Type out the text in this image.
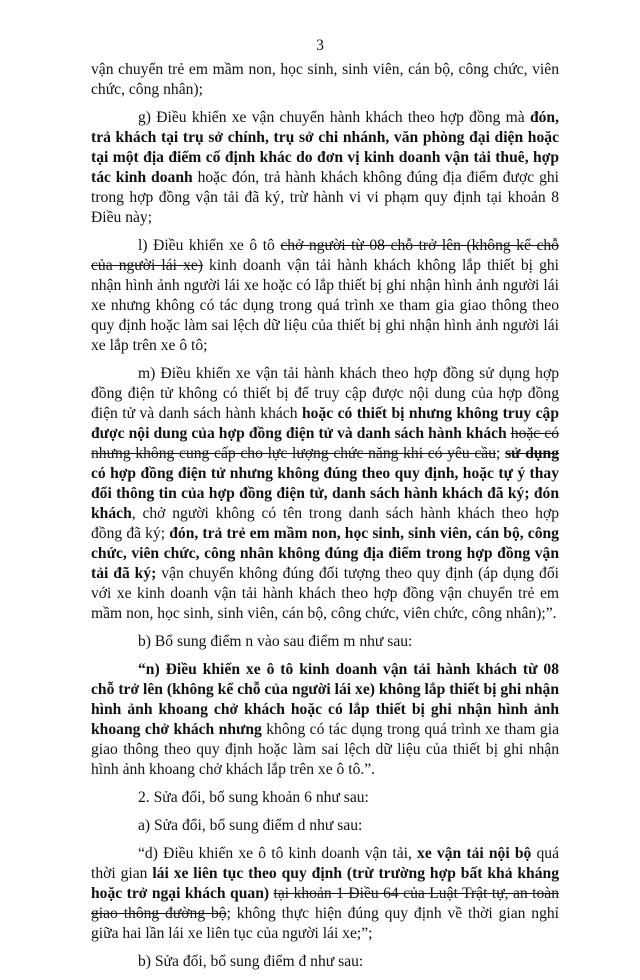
3

vận chuyển trẻ em mầm non, học sinh, sinh viên, cán bộ, công chức, viên chức, công nhân);

g) Điều khiển xe vận chuyển hành khách theo hợp đồng mà đón, trả khách tại trụ sở chính, trụ sở chi nhánh, văn phòng đại diện hoặc tại một địa điểm cố định khác do đơn vị kinh doanh vận tải thuê, hợp tác kinh doanh hoặc đón, trả hành khách không đúng địa điểm được ghi trong hợp đồng vận tải đã ký, trừ hành vi vi phạm quy định tại khoản 8 Điều này;

l) Điều khiển xe ô tô chở người từ 08 chỗ trở lên (không kể chỗ của người lái xe) kinh doanh vận tải hành khách không lắp thiết bị ghi nhận hình ảnh người lái xe hoặc có lắp thiết bị ghi nhận hình ảnh người lái xe nhưng không có tác dụng trong quá trình xe tham gia giao thông theo quy định hoặc làm sai lệch dữ liệu của thiết bị ghi nhận hình ảnh người lái xe lắp trên xe ô tô;

m) Điều khiển xe vận tải hành khách theo hợp đồng sử dụng hợp đồng điện tử không có thiết bị để truy cập được nội dung của hợp đồng điện tử và danh sách hành khách hoặc có thiết bị nhưng không truy cập được nội dung của hợp đồng điện tử và danh sách hành khách hoặc có nhưng không cung cấp cho lực lượng chức năng khi có yêu cầu; sử dụng có hợp đồng điện tử nhưng không đúng theo quy định, hoặc tự ý thay đổi thông tin của hợp đồng điện tử, danh sách hành khách đã ký; đón khách, chở người không có tên trong danh sách hành khách theo hợp đồng đã ký; đón, trả trẻ em mầm non, học sinh, sinh viên, cán bộ, công chức, viên chức, công nhân không đúng địa điểm trong hợp đồng vận tải đã ký; vận chuyển không đúng đối tượng theo quy định (áp dụng đối với xe kinh doanh vận tải hành khách theo hợp đồng vận chuyển trẻ em mầm non, học sinh, sinh viên, cán bộ, công chức, viên chức, công nhân);”.

b) Bổ sung điểm n vào sau điểm m như sau:

“n) Điều khiển xe ô tô kinh doanh vận tải hành khách từ 08 chỗ trở lên (không kể chỗ của người lái xe) không lắp thiết bị ghi nhận hình ảnh khoang chở khách hoặc có lắp thiết bị ghi nhận hình ảnh khoang chở khách nhưng không có tác dụng trong quá trình xe tham gia giao thông theo quy định hoặc làm sai lệch dữ liệu của thiết bị ghi nhận hình ảnh khoang chở khách lắp trên xe ô tô.”.

2. Sửa đổi, bổ sung khoản 6 như sau:

a) Sửa đổi, bổ sung điểm d như sau:

“d) Điều khiển xe ô tô kinh doanh vận tải, xe vận tải nội bộ quá thời gian lái xe liên tục theo quy định (trừ trường hợp bất khả kháng hoặc trở ngại khách quan) tại khoản 1 Điều 64 của Luật Trật tự, an toàn giao thông đường bộ; không thực hiện đúng quy định về thời gian nghỉ giữa hai lần lái xe liên tục của người lái xe;”;

b) Sửa đổi, bổ sung điểm đ như sau:
